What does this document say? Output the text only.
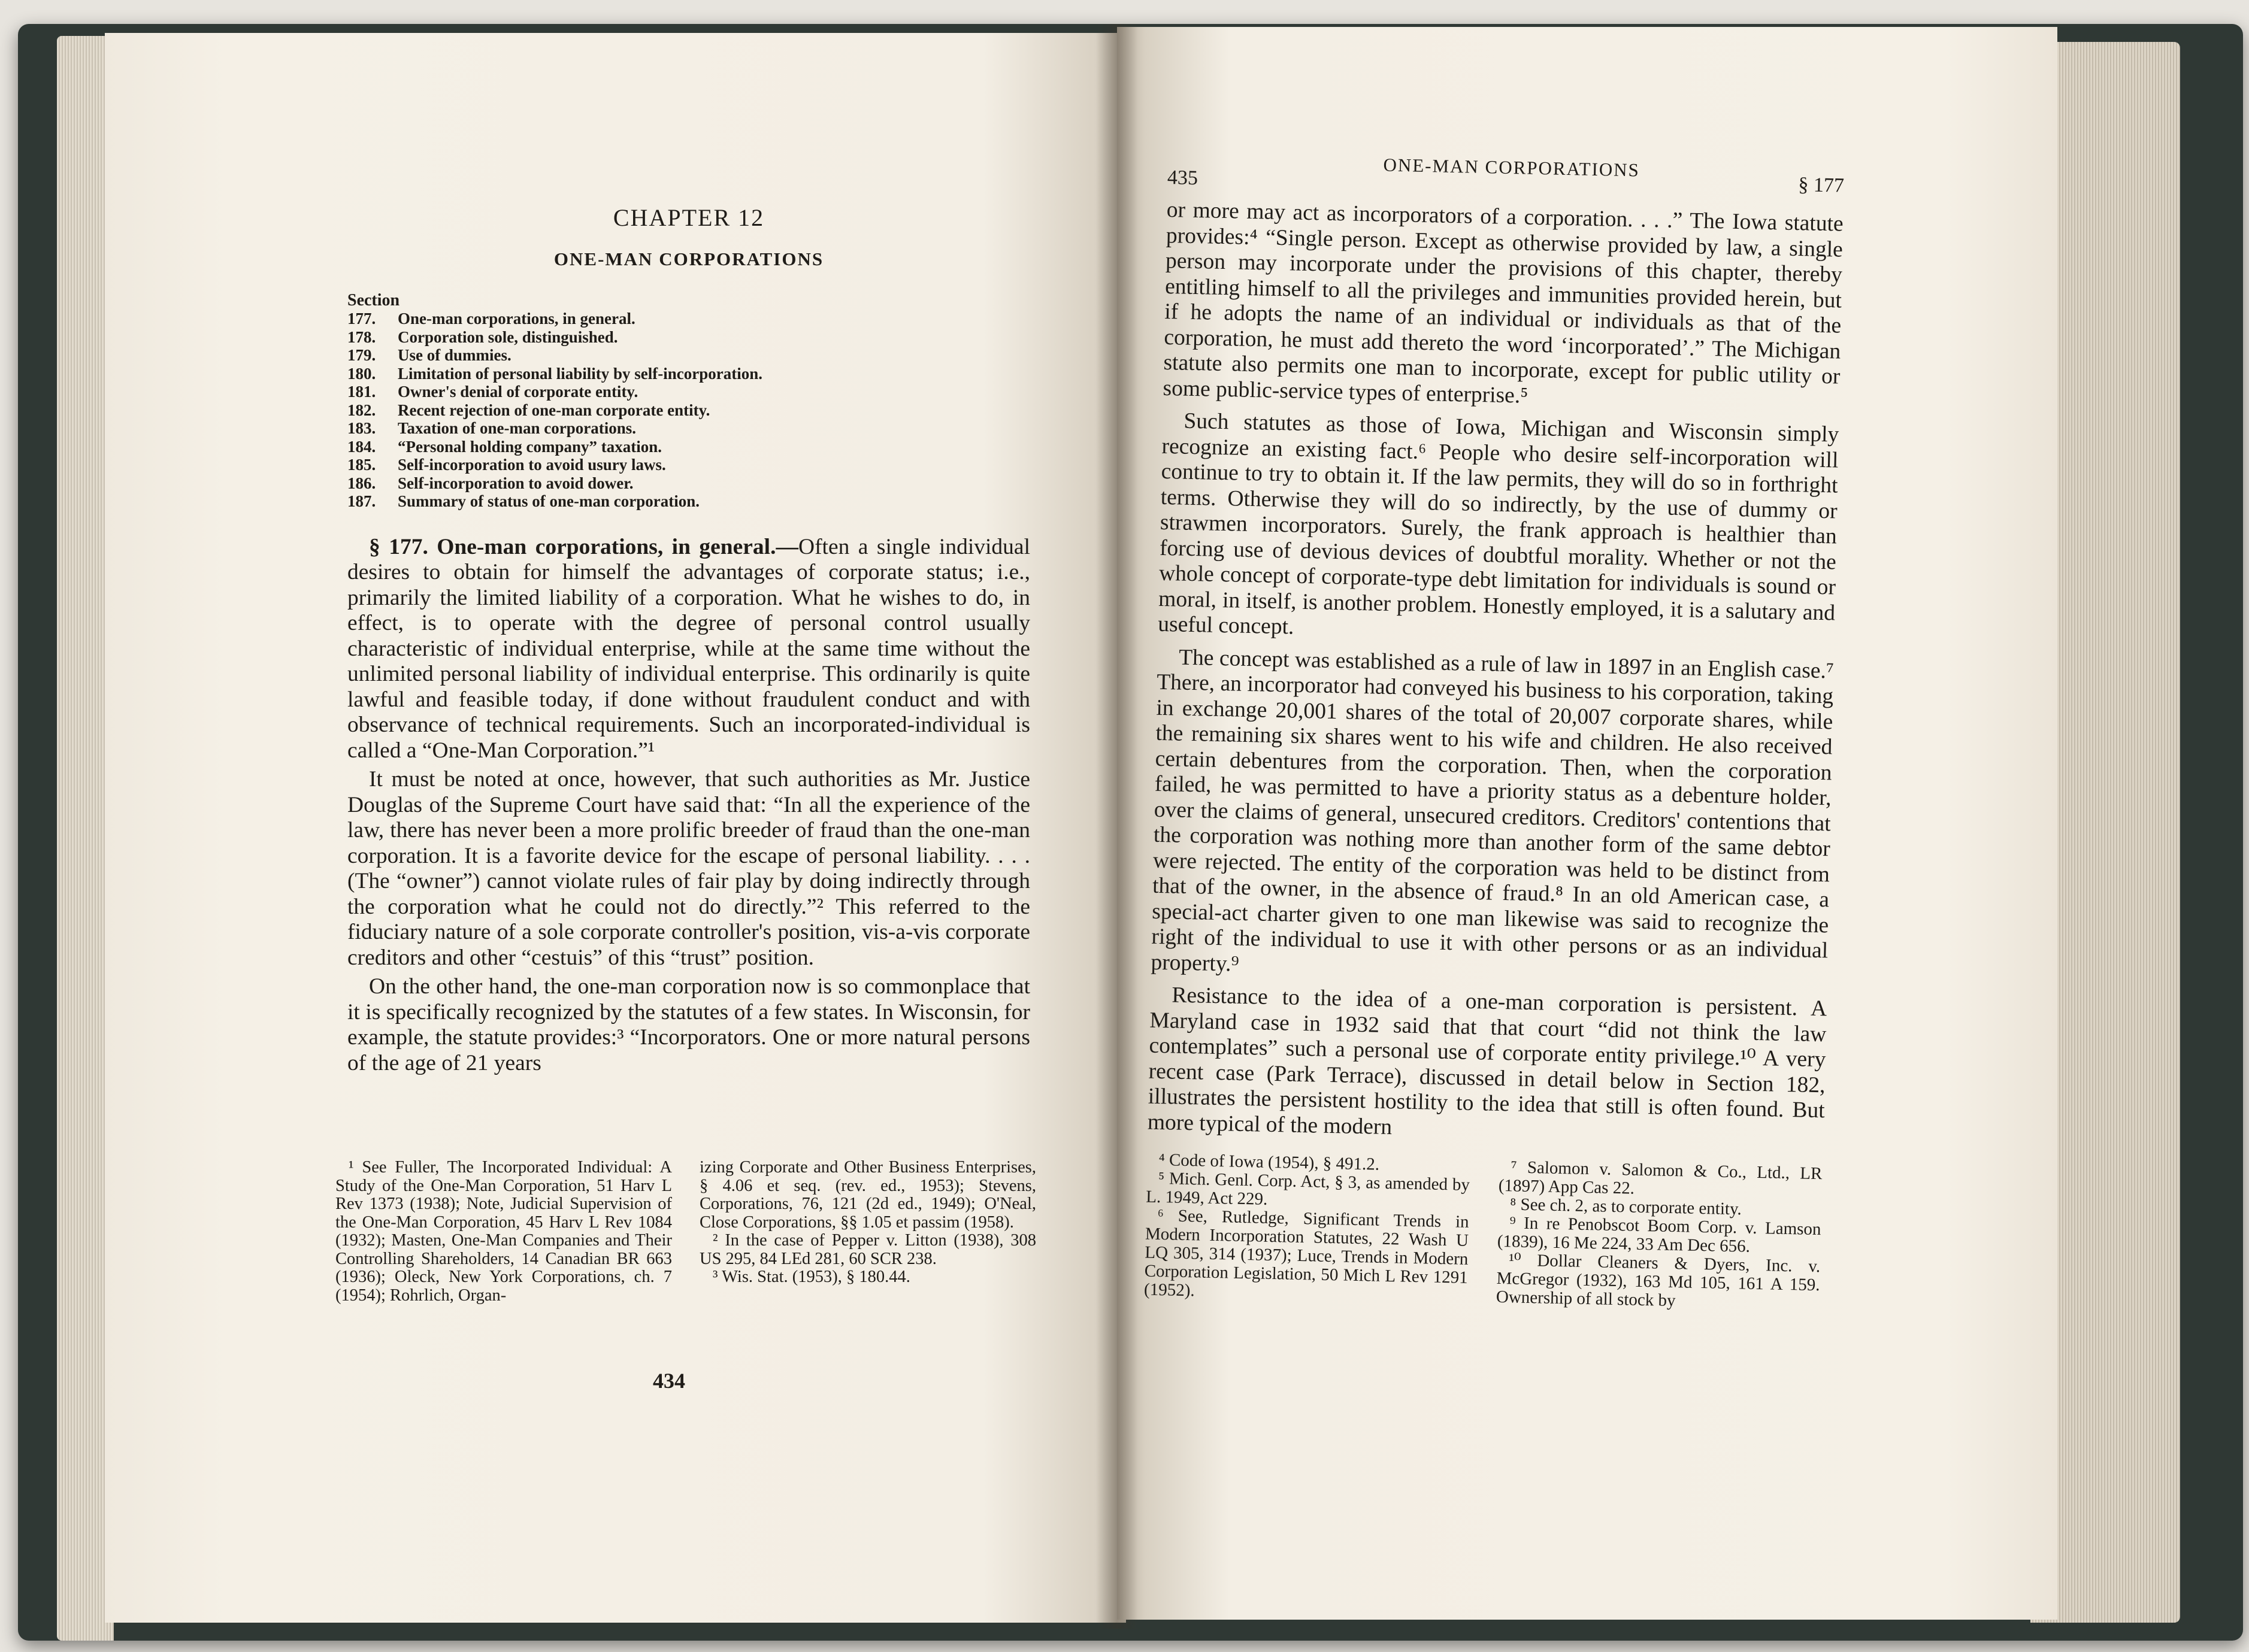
CHAPTER 12
ONE-MAN CORPORATIONS
Section
177.	One-man corporations, in general.
178.	Corporation sole, distinguished.
179.	Use of dummies.
180.	Limitation of personal liability by self-incorporation.
181.	Owner's denial of corporate entity.
182.	Recent rejection of one-man corporate entity.
183.	Taxation of one-man corporations.
184.	“Personal holding company” taxation.
185.	Self-incorporation to avoid usury laws.
186.	Self-incorporation to avoid dower.
187.	Summary of status of one-man corporation.

§ 177. One-man corporations, in general.—Often a single individual desires to obtain for himself the advantages of corporate status; i.e., primarily the limited liability of a corporation. What he wishes to do, in effect, is to operate with the degree of personal control usually characteristic of individual enterprise, while at the same time without the unlimited personal liability of individual enterprise. This ordinarily is quite lawful and feasible today, if done without fraudulent conduct and with observance of technical requirements. Such an incorporated-individual is called a “One-Man Corporation.”¹

It must be noted at once, however, that such authorities as Mr. Justice Douglas of the Supreme Court have said that: “In all the experience of the law, there has never been a more prolific breeder of fraud than the one-man corporation. It is a favorite device for the escape of personal liability. . . .(The “owner”) cannot violate rules of fair play by doing indirectly through the corporation what he could not do directly.”² This referred to the fiduciary nature of a sole corporate controller's position, vis-a-vis corporate creditors and other “cestuis” of this “trust” position.

On the other hand, the one-man corporation now is so commonplace that it is specifically recognized by the statutes of a few states. In Wisconsin, for example, the statute provides:³ “Incorporators. One or more natural persons of the age of 21 years

¹ See Fuller, The Incorporated Individual: A Study of the One-Man Corporation, 51 Harv L Rev 1373 (1938); Note, Judicial Supervision of the One-Man Corporation, 45 Harv L Rev 1084 (1932); Masten, One-Man Companies and Their Controlling Shareholders, 14 Canadian BR 663 (1936); Oleck, New York Corporations, ch. 7 (1954); Rohrlich, Organ-

izing Corporate and Other Business Enterprises, § 4.06 et seq. (rev. ed., 1953); Stevens, Corporations, 76, 121 (2d ed., 1949); O'Neal, Close Corporations, §§ 1.05 et passim (1958).

² In the case of Pepper v. Litton (1938), 308 US 295, 84 LEd 281, 60 SCR 238.

³ Wis. Stat. (1953), § 180.44.

434
435	ONE-MAN CORPORATIONS
§ 177

or more may act as incorporators of a corporation. . . .” The Iowa statute provides:⁴ “Single person. Except as otherwise provided by law, a single person may incorporate under the provisions of this chapter, thereby entitling himself to all the privileges and immunities provided herein, but if he adopts the name of an individual or individuals as that of the corporation, he must add thereto the word ‘incorporated’.” The Michigan statute also permits one man to incorporate, except for public utility or some public-service types of enterprise.⁵

Such statutes as those of Iowa, Michigan and Wisconsin simply recognize an existing fact.⁶ People who desire self-incorporation will continue to try to obtain it. If the law permits, they will do so in forthright terms. Otherwise they will do so indirectly, by the use of dummy or strawmen incorporators. Surely, the frank approach is healthier than forcing use of devious devices of doubtful morality. Whether or not the whole concept of corporate-type debt limitation for individuals is sound or moral, in itself, is another problem. Honestly employed, it is a salutary and useful concept.

The concept was established as a rule of law in 1897 in an English case.⁷ There, an incorporator had conveyed his business to his corporation, taking in exchange 20,001 shares of the total of 20,007 corporate shares, while the remaining six shares went to his wife and children. He also received certain debentures from the corporation. Then, when the corporation failed, he was permitted to have a priority status as a debenture holder, over the claims of general, unsecured creditors. Creditors' contentions that the corporation was nothing more than another form of the same debtor were rejected. The entity of the corporation was held to be distinct from that of the owner, in the absence of fraud.⁸ In an old American case, a special-act charter given to one man likewise was said to recognize the right of the individual to use it with other persons or as an individual property.⁹

Resistance to the idea of a one-man corporation is persistent. A Maryland case in 1932 said that that court “did not think the law contemplates” such a personal use of corporate entity privilege.¹⁰ A very recent case (Park Terrace), discussed in detail below in Section 182, illustrates the persistent hostility to the idea that still is often found. But more typical of the modern

⁴ Code of Iowa (1954), § 491.2.

⁵ Mich. Genl. Corp. Act, § 3, as amended by L. 1949, Act 229.

⁶ See, Rutledge, Significant Trends in Modern Incorporation Statutes, 22 Wash U LQ 305, 314 (1937); Luce, Trends in Modern Corporation Legislation, 50 Mich L Rev 1291 (1952).

⁷ Salomon v. Salomon & Co., Ltd., LR (1897) App Cas 22.

⁸ See ch. 2, as to corporate entity.

⁹ In re Penobscot Boom Corp. v. Lamson (1839), 16 Me 224, 33 Am Dec 656.

¹⁰ Dollar Cleaners & Dyers, Inc. v. McGregor (1932), 163 Md 105, 161 A 159. Ownership of all stock by
